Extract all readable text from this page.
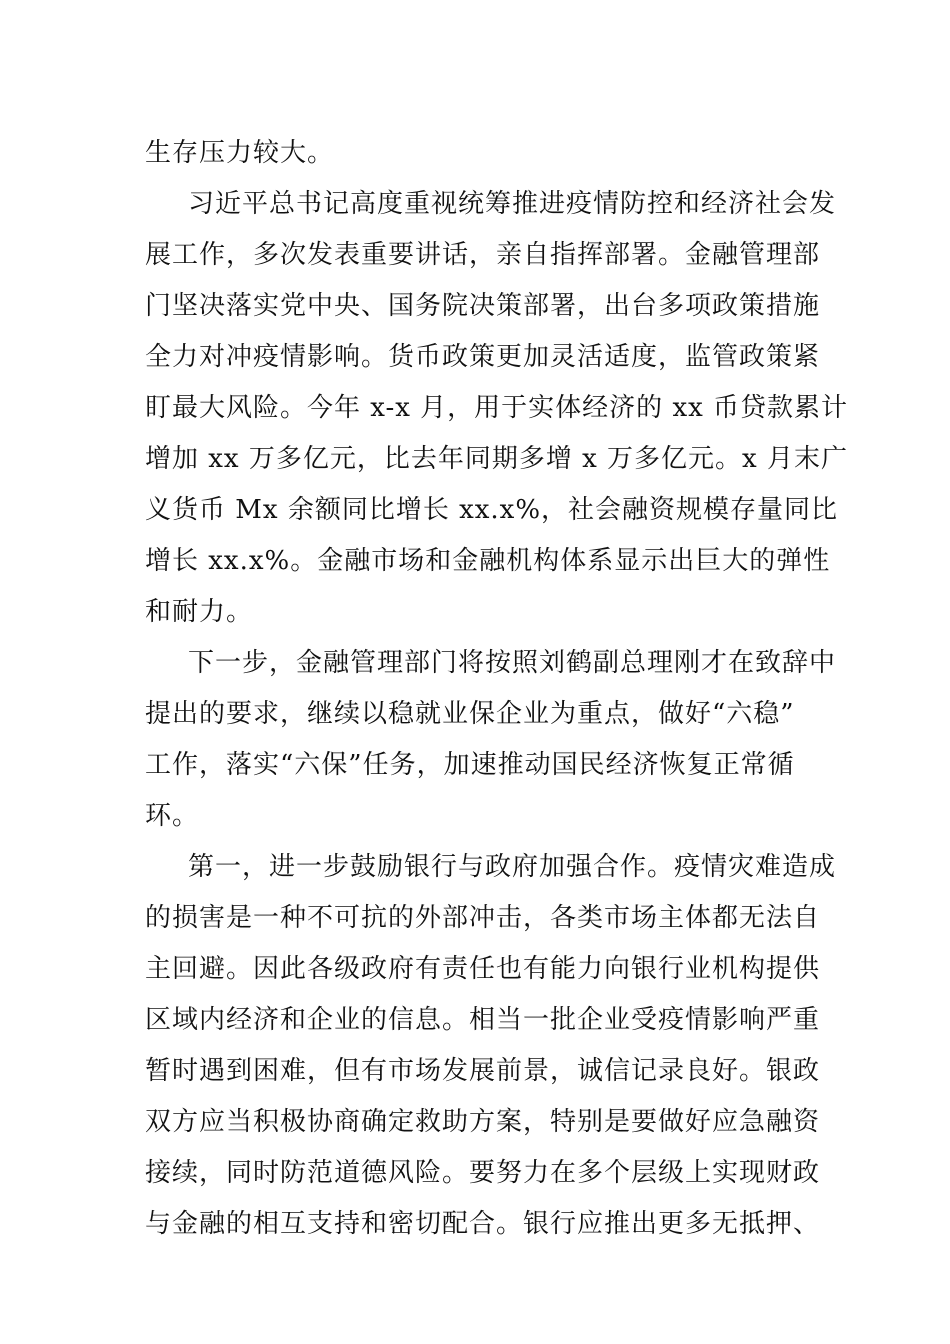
生存压力较大。
习近平总书记高度重视统筹推进疫情防控和经济社会发
展工作，多次发表重要讲话，亲自指挥部署。金融管理部
门坚决落实党中央、国务院决策部署，出台多项政策措施
全力对冲疫情影响。货币政策更加灵活适度，监管政策紧
盯最大风险。今年 x-x 月，用于实体经济的 xx 币贷款累计
增加 xx 万多亿元，比去年同期多增 x 万多亿元。x 月末广
义货币 Mx 余额同比增长 xx.x%，社会融资规模存量同比
增长 xx.x%。金融市场和金融机构体系显示出巨大的弹性
和耐力。
下一步，金融管理部门将按照刘鹤副总理刚才在致辞中
提出的要求，继续以稳就业保企业为重点，做好“六稳”
工作，落实“六保”任务，加速推动国民经济恢复正常循
环。
第一，进一步鼓励银行与政府加强合作。疫情灾难造成
的损害是一种不可抗的外部冲击，各类市场主体都无法自
主回避。因此各级政府有责任也有能力向银行业机构提供
区域内经济和企业的信息。相当一批企业受疫情影响严重
暂时遇到困难，但有市场发展前景，诚信记录良好。银政
双方应当积极协商确定救助方案，特别是要做好应急融资
接续，同时防范道德风险。要努力在多个层级上实现财政
与金融的相互支持和密切配合。银行应推出更多无抵押、
